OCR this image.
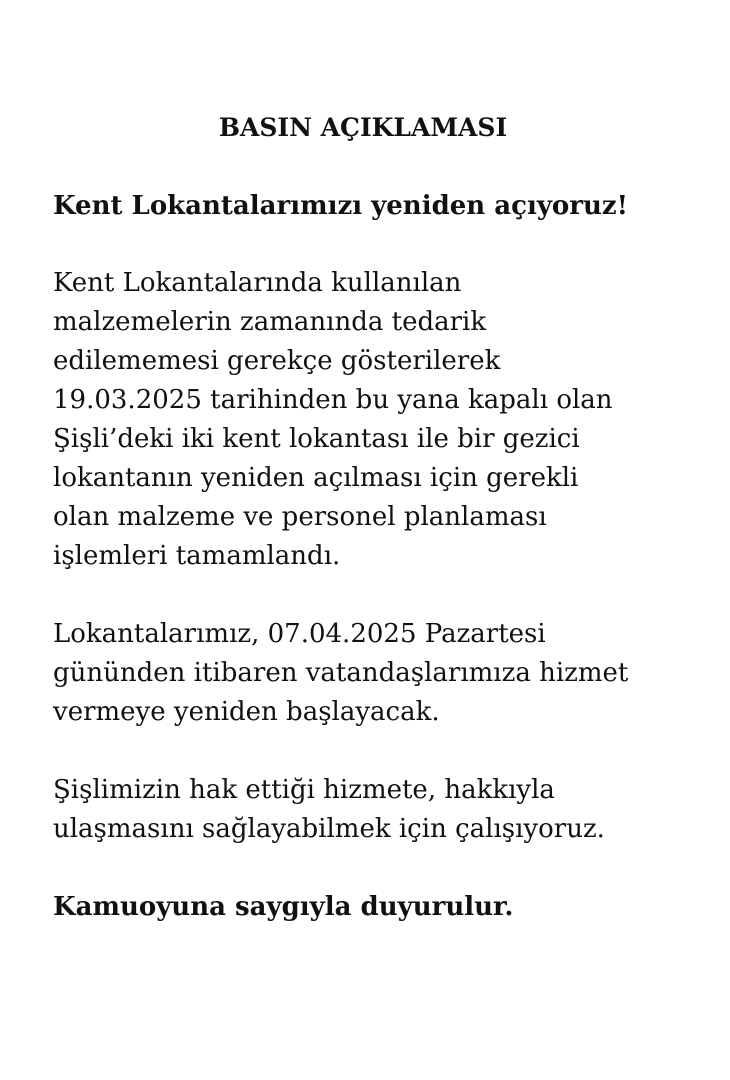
BASIN AÇIKLAMASI
Kent Lokantalarımızı yeniden açıyoruz!
Kent Lokantalarında kullanılan
malzemelerin zamanında tedarik
edilememesi gerekçe gösterilerek
19.03.2025 tarihinden bu yana kapalı olan
Şişli’deki iki kent lokantası ile bir gezici
lokantanın yeniden açılması için gerekli
olan malzeme ve personel planlaması
işlemleri tamamlandı.
Lokantalarımız, 07.04.2025 Pazartesi
gününden itibaren vatandaşlarımıza hizmet
vermeye yeniden başlayacak.
Şişlimizin hak ettiği hizmete, hakkıyla
ulaşmasını sağlayabilmek için çalışıyoruz.
Kamuoyuna saygıyla duyurulur.
